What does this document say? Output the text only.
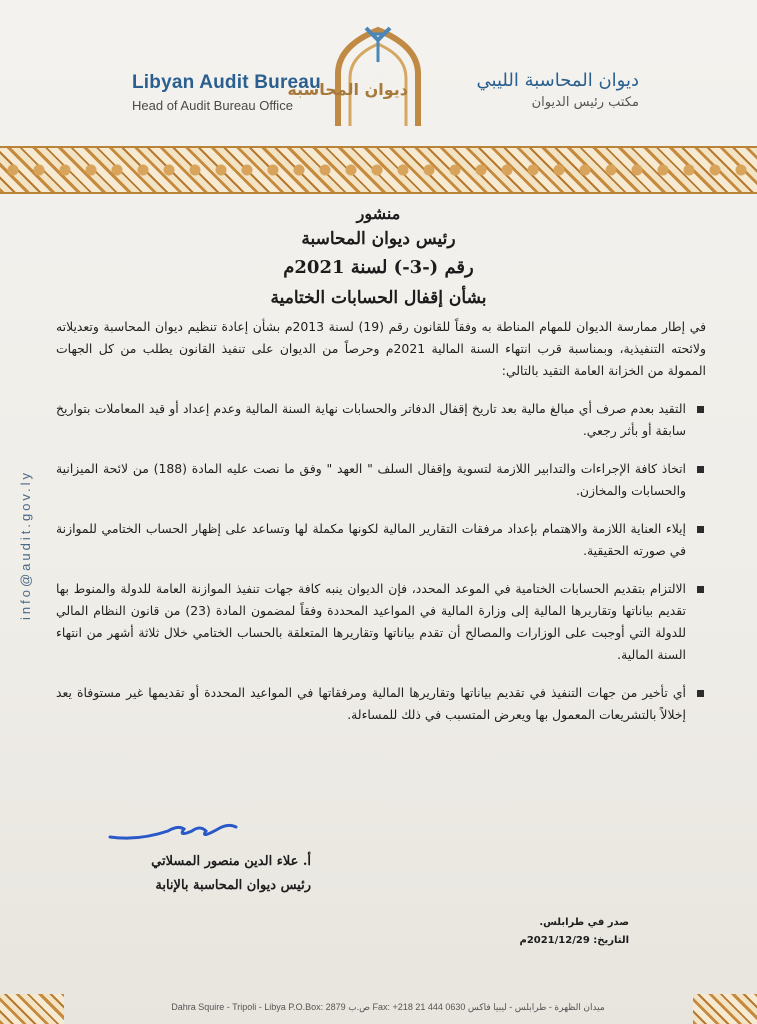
Libyan Audit Bureau
Head of Audit Bureau Office
ديوان المحاسبة	ديوان المحاسبة الليبي
مكتب رئيس الديوان
info@audit.gov.ly
منشور
رئيس ديوان المحاسبة
رقم (-3-) لسنة 2021م
بشأن إقفال الحسابات الختامية

في إطار ممارسة الديوان للمهام المناطة به وفقاً للقانون رقم (19) لسنة 2013م بشأن إعادة تنظيم ديوان المحاسبة وتعديلاته ولائحته التنفيذية، وبمناسبة قرب انتهاء السنة المالية 2021م وحرصاً من الديوان على تنفيذ القانون يطلب من كل الجهات الممولة من الخزانة العامة التقيد بالتالي:

التقيد بعدم صرف أي مبالغ مالية بعد تاريخ إقفال الدفاتر والحسابات نهاية السنة المالية وعدم إعداد أو قيد المعاملات بتواريخ سابقة أو بأثر رجعي.
اتخاذ كافة الإجراءات والتدابير اللازمة لتسوية وإقفال السلف " العهد " وفق ما نصت عليه المادة (188) من لائحة الميزانية والحسابات والمخازن.
إيلاء العناية اللازمة والاهتمام بإعداد مرفقات التقارير المالية لكونها مكملة لها وتساعد على إظهار الحساب الختامي للموازنة في صورته الحقيقية.
الالتزام بتقديم الحسابات الختامية في الموعد المحدد، فإن الديوان ينبه كافة جهات تنفيذ الموازنة العامة للدولة والمنوط بها تقديم بياناتها وتقاريرها المالية إلى وزارة المالية في المواعيد المحددة وفقاً لمضمون المادة (23) من قانون النظام المالي للدولة التي أوجبت على الوزارات والمصالح أن تقدم بياناتها وتقاريرها المتعلقة بالحساب الختامي خلال ثلاثة أشهر من انتهاء السنة المالية.
أي تأخير من جهات التنفيذ في تقديم بياناتها وتقاريرها المالية ومرفقاتها في المواعيد المحددة أو تقديمها غير مستوفاة يعد إخلالاً بالتشريعات المعمول بها ويعرض المتسبب في ذلك للمساءلة.
أ. علاء الدين منصور المسلاتي
رئيس ديوان المحاسبة بالإنابة
صدر في طرابلس.
التاريخ: 2021/12/29م
Dahra Squire - Tripoli - Libya P.O.Box: 2879 ص.ب Fax: +218 21 444 0630 ميدان الظهرة - طرابلس - ليبيا فاكس
